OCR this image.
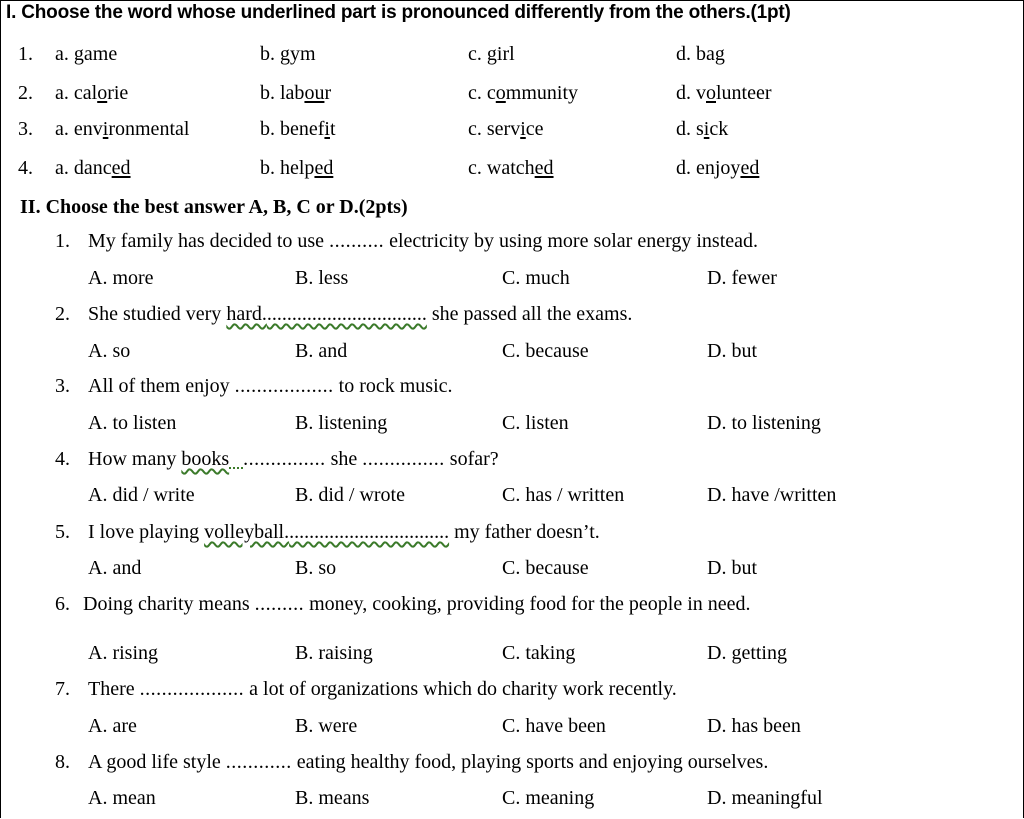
I. Choose the word whose underlined part is pronounced differently from the others.(1pt)
1. a. game	b. gym	c. girl	d. bag
2. a. calorie	b. labour	c. community	d. volunteer
3. a. environmental	b. benefit	c. service	d. sick
4. a. danced	b. helped	c. watched	d. enjoyed
II. Choose the best answer A, B, C or D.(2pts)
1. My family has decided to use .......... electricity by using more solar energy instead.
A. more	B. less	C. much	D. fewer
2. She studied very hard................................. she passed all the exams.
A. so	B. and	C. because	D. but
3. All of them enjoy .................. to rock music.
A. to listen	B. listening	C. listen	D. to listening
4. How many books ............... she ............... sofar?
A. did / write	B. did / wrote	C. has / written	D. have /written
5. I love playing volleyball................................. my father doesn’t.
A. and	B. so	C. because	D. but
6. Doing charity means ......... money, cooking, providing food for the people in need.
A. rising	B. raising	C. taking	D. getting
7. There ................... a lot of organizations which do charity work recently.
A. are	B. were	C. have been	D. has been
8. A good life style ............ eating healthy food, playing sports and enjoying ourselves.
A. mean	B. means	C. meaning	D. meaningful
